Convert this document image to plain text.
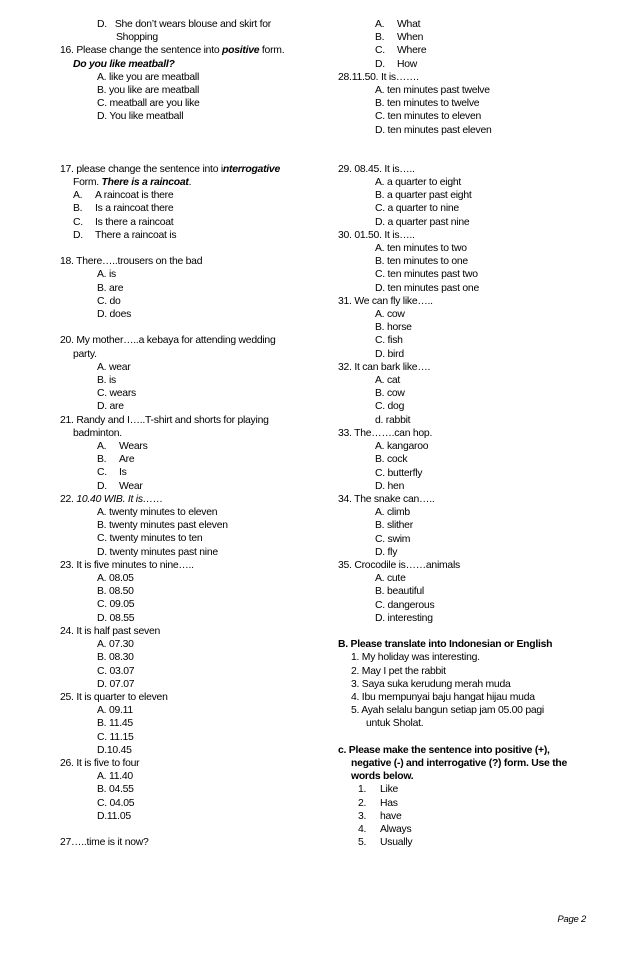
D. She don’t wears blouse and skirt for
Shopping
16. Please change the sentence into positive form.
Do you like meatball?
A. like you are meatball
B. you like are meatball
C. meatball are you like
D. You like meatball
17. please change the sentence into interrogative
Form. There is a raincoat.
A. A raincoat is there
B. Is a raincoat there
C. Is there a raincoat
D. There a raincoat is
18. There…..trousers on the bad
A. is
B. are
C. do
D. does
20. My mother…..a kebaya for attending wedding
party.
A. wear
B. is
C. wears
D. are
21. Randy and I…..T-shirt and shorts for playing
badminton.
A. Wears
B. Are
C. Is
D. Wear
22. 10.40 WIB. It is……
A. twenty minutes to eleven
B. twenty minutes past eleven
C. twenty minutes to ten
D. twenty minutes past nine
23. It is five minutes to nine…..
A. 08.05
B. 08.50
C. 09.05
D. 08.55
24. It is half past seven
A. 07.30
B. 08.30
C. 03.07
D. 07.07
25. It is quarter to eleven
A. 09.11
B. 11.45
C. 11.15
D.10.45
26. It is five to four
A. 11.40
B. 04.55
C. 04.05
D.11.05
27…..time is it now?
A. What
B. When
C. Where
D. How
28.11.50. It is…….
A. ten minutes past twelve
B. ten minutes to twelve
C. ten minutes to eleven
D. ten minutes past eleven
29. 08.45. It is…..
A. a quarter to eight
B. a quarter past eight
C. a quarter to nine
D. a quarter past nine
30. 01.50. It is…..
A. ten minutes to two
B. ten minutes to one
C. ten minutes past two
D. ten minutes past one
31. We can fly like…..
A. cow
B. horse
C. fish
D. bird
32. It can bark like….
A. cat
B. cow
C. dog
d. rabbit
33. The…….can hop.
A. kangaroo
B. cock
C. butterfly
D. hen
34. The snake can…..
A. climb
B. slither
C. swim
D. fly
35. Crocodile is……animals
A. cute
B. beautiful
C. dangerous
D. interesting
B. Please translate into Indonesian or English
1. My holiday was interesting.
2. May I pet the rabbit
3. Saya suka kerudung merah muda
4. Ibu mempunyai baju hangat hijau muda
5. Ayah selalu bangun setiap jam 05.00 pagi
untuk Sholat.
c. Please make the sentence into positive (+),
negative (-) and interrogative (?) form. Use the
words below.
1. Like
2. Has
3. have
4. Always
5. Usually
Page 2
